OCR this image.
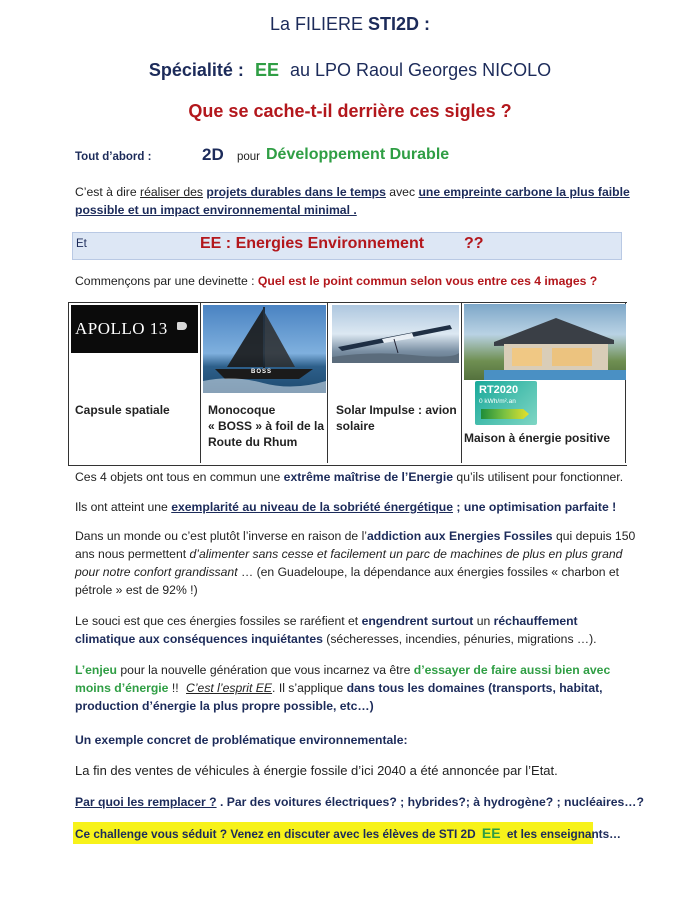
La FILIERE STI2D :
Spécialité : EE au LPO Raoul Georges NICOLO
Que se cache-t-il derrière ces sigles ?
Tout d’abord :	2D pour Développement Durable

C’est à dire réaliser des projets durables dans le temps avec une empreinte carbone la plus faible

possible et un impact environnemental minimal .

Et	EE : Energies Environnement ??

Commençons par une devinette : Quel est le point commun selon vous entre ces 4 images ?

APOLLO 13
Capsule spatiale
BOSS
Monocoque
« BOSS » à foil de la
Route du Rhum
Solar Impulse : avion
solaire
RT2020
0 kWh/m².an
Maison à énergie positive

Ces 4 objets ont tous en commun une extrême maîtrise de l’Energie qu’ils utilisent pour fonctionner.

Ils ont atteint une exemplarité au niveau de la sobriété énergétique ; une optimisation parfaite !

Dans un monde ou c’est plutôt l’inverse en raison de l’addiction aux Energies Fossiles qui depuis 150

ans nous permettent d’alimenter sans cesse et facilement un parc de machines de plus en plus grand

pour notre confort grandissant … (en Guadeloupe, la dépendance aux énergies fossiles « charbon et

pétrole » est de 92% !)

Le souci est que ces énergies fossiles se raréfient et engendrent surtout un réchauffement

climatique aux conséquences inquiétantes (sécheresses, incendies, pénuries, migrations …).

L’enjeu pour la nouvelle génération que vous incarnez va être d’essayer de faire aussi bien avec

moins d’énergie !! C’est l’esprit EE. Il s’applique dans tous les domaines (transports, habitat,

production d’énergie la plus propre possible, etc…)

Un exemple concret de problématique environnementale:

La fin des ventes de véhicules à énergie fossile d’ici 2040 a été annoncée par l’Etat.

Par quoi les remplacer ? . Par des voitures électriques? ; hybrides?; à hydrogène? ; nucléaires…?

Ce challenge vous séduit ? Venez en discuter avec les élèves de STI 2D EE et les enseignants…
